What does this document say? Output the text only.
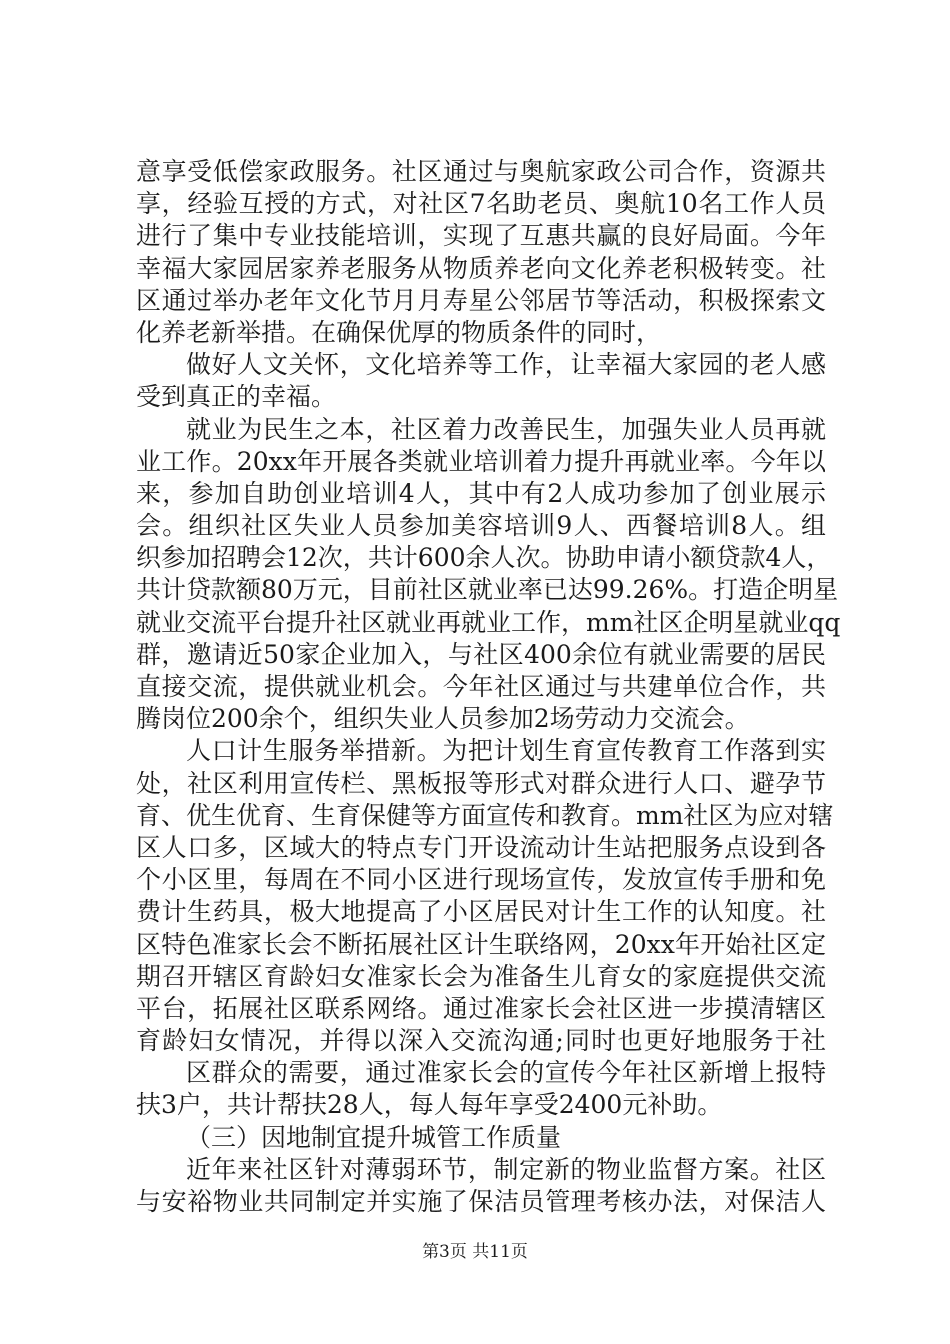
意享受低偿家政服务。社区通过与奥航家政公司合作，资源共
享，经验互授的方式，对社区7名助老员、奥航10名工作人员
进行了集中专业技能培训，实现了互惠共赢的良好局面。今年
幸福大家园居家养老服务从物质养老向文化养老积极转变。社
区通过举办老年文化节月月寿星公邻居节等活动，积极探索文
化养老新举措。在确保优厚的物质条件的同时，
做好人文关怀，文化培养等工作，让幸福大家园的老人感
受到真正的幸福。
就业为民生之本，社区着力改善民生，加强失业人员再就
业工作。20xx年开展各类就业培训着力提升再就业率。今年以
来，参加自助创业培训4人，其中有2人成功参加了创业展示
会。组织社区失业人员参加美容培训9人、西餐培训8人。组
织参加招聘会12次，共计600余人次。协助申请小额贷款4人，
共计贷款额80万元，目前社区就业率已达99.26%。打造企明星
就业交流平台提升社区就业再就业工作，mm社区企明星就业qq
群，邀请近50家企业加入，与社区400余位有就业需要的居民
直接交流，提供就业机会。今年社区通过与共建单位合作，共
腾岗位200余个，组织失业人员参加2场劳动力交流会。
人口计生服务举措新。为把计划生育宣传教育工作落到实
处，社区利用宣传栏、黑板报等形式对群众进行人口、避孕节
育、优生优育、生育保健等方面宣传和教育。mm社区为应对辖
区人口多，区域大的特点专门开设流动计生站把服务点设到各
个小区里，每周在不同小区进行现场宣传，发放宣传手册和免
费计生药具，极大地提高了小区居民对计生工作的认知度。社
区特色准家长会不断拓展社区计生联络网，20xx年开始社区定
期召开辖区育龄妇女准家长会为准备生儿育女的家庭提供交流
平台，拓展社区联系网络。通过准家长会社区进一步摸清辖区
育龄妇女情况，并得以深入交流沟通;同时也更好地服务于社
区群众的需要，通过准家长会的宣传今年社区新增上报特
扶3户，共计帮扶28人，每人每年享受2400元补助。
（三）因地制宜提升城管工作质量
近年来社区针对薄弱环节，制定新的物业监督方案。社区
与安裕物业共同制定并实施了保洁员管理考核办法，对保洁人
第3页 共11页
